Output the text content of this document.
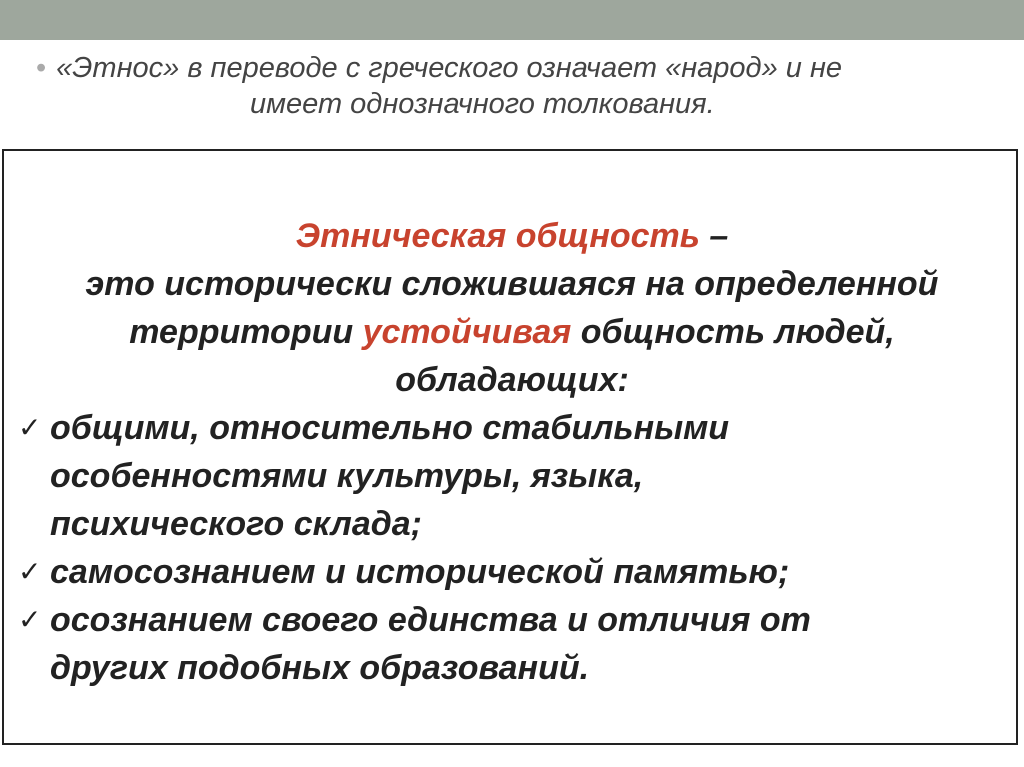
• «Этнос» в переводе с греческого означает «народ» и не
имеет однозначного толкования.
Этническая общность –
это исторически сложившаяся на определенной
территории устойчивая общность людей,
обладающих:
✓ общими, относительно стабильными
особенностями культуры, языка,
психического склада;
✓ самосознанием и исторической памятью;
✓ осознанием своего единства и отличия от
других подобных образований.
